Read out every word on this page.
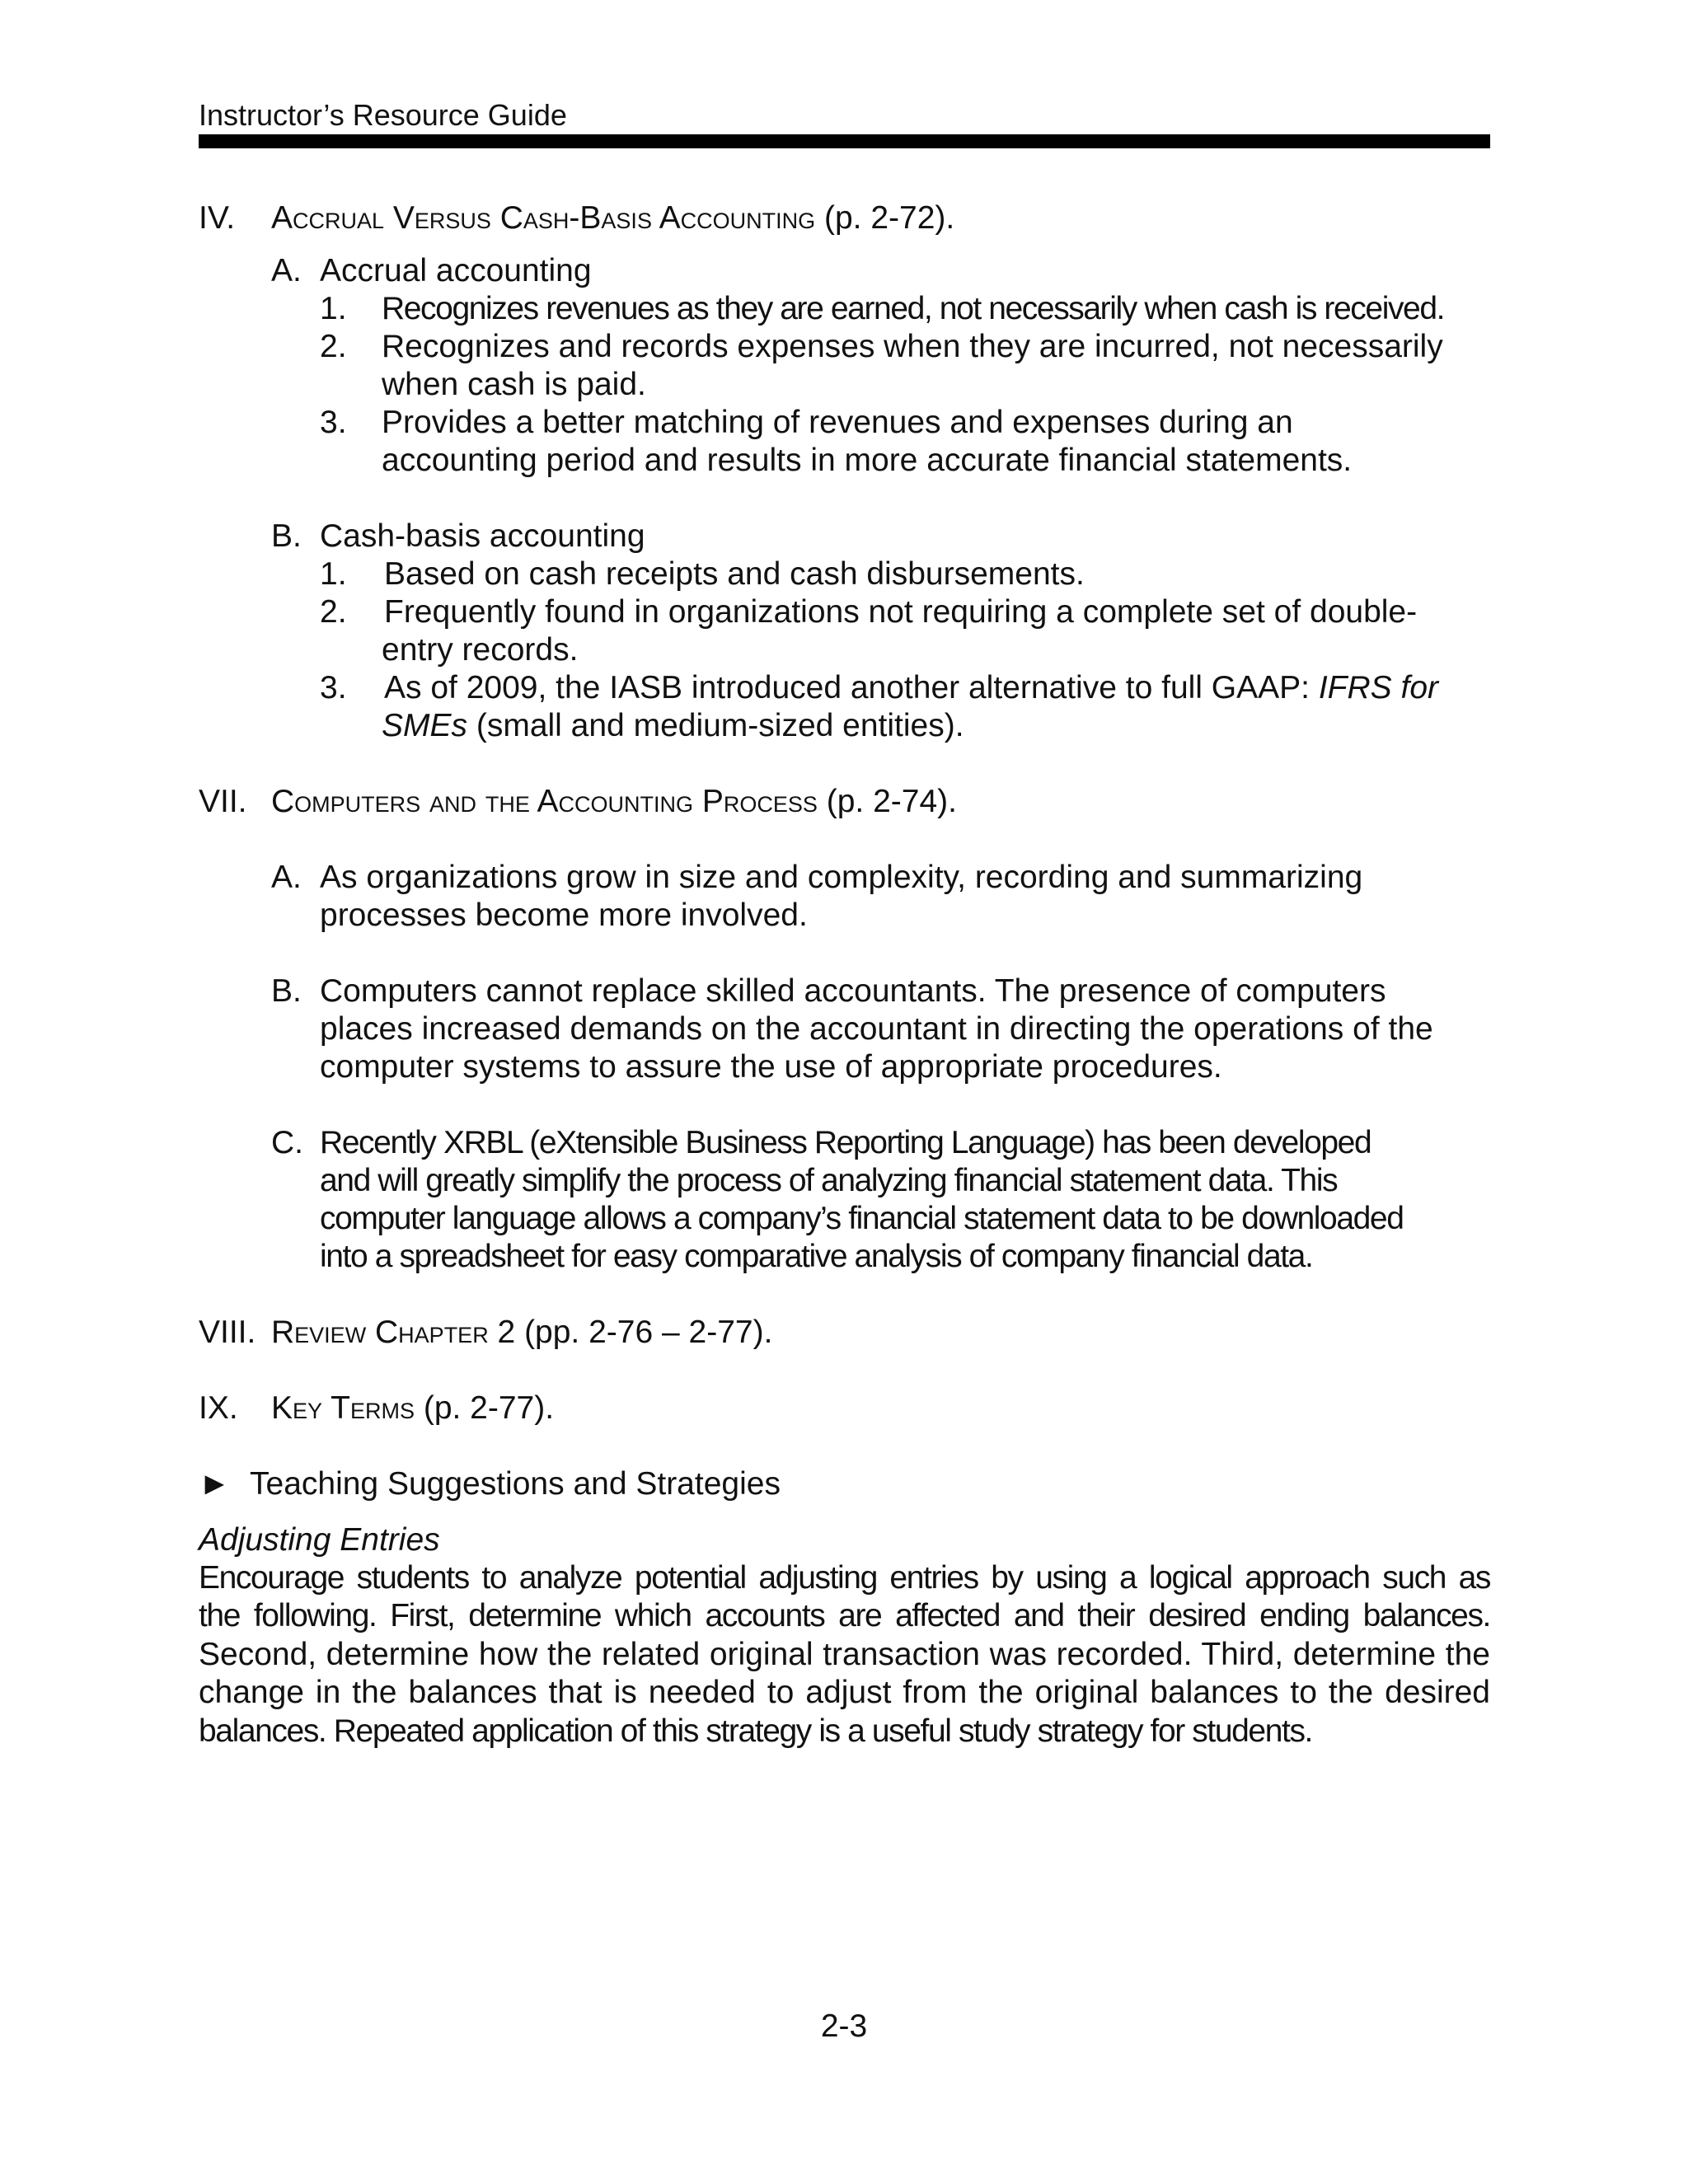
Instructor’s Resource Guide
IV. Accrual Versus Cash-Basis Accounting (p. 2-72).
A. Accrual accounting
1. Recognizes revenues as they are earned, not necessarily when cash is received.
2. Recognizes and records expenses when they are incurred, not necessarily
when cash is paid.
3. Provides a better matching of revenues and expenses during an
accounting period and results in more accurate financial statements.
B. Cash-basis accounting
1. Based on cash receipts and cash disbursements.
2. Frequently found in organizations not requiring a complete set of double-
entry records.
3. As of 2009, the IASB introduced another alternative to full GAAP: IFRS for
SMEs (small and medium-sized entities).
VII. Computers and the Accounting Process (p. 2-74).
A. As organizations grow in size and complexity, recording and summarizing
processes become more involved.
B. Computers cannot replace skilled accountants. The presence of computers
places increased demands on the accountant in directing the operations of the
computer systems to assure the use of appropriate procedures.
C. Recently XRBL (eXtensible Business Reporting Language) has been developed
and will greatly simplify the process of analyzing financial statement data. This
computer language allows a company’s financial statement data to be downloaded
into a spreadsheet for easy comparative analysis of company financial data.
VIII. Review Chapter 2 (pp. 2-76 – 2-77).
IX. Key Terms (p. 2-77).
► Teaching Suggestions and Strategies
Adjusting Entries
Encourage students to analyze potential adjusting entries by using a logical approach such as
the following. First, determine which accounts are affected and their desired ending balances.
Second, determine how the related original transaction was recorded. Third, determine the
change in the balances that is needed to adjust from the original balances to the desired
balances. Repeated application of this strategy is a useful study strategy for students.
2-3
